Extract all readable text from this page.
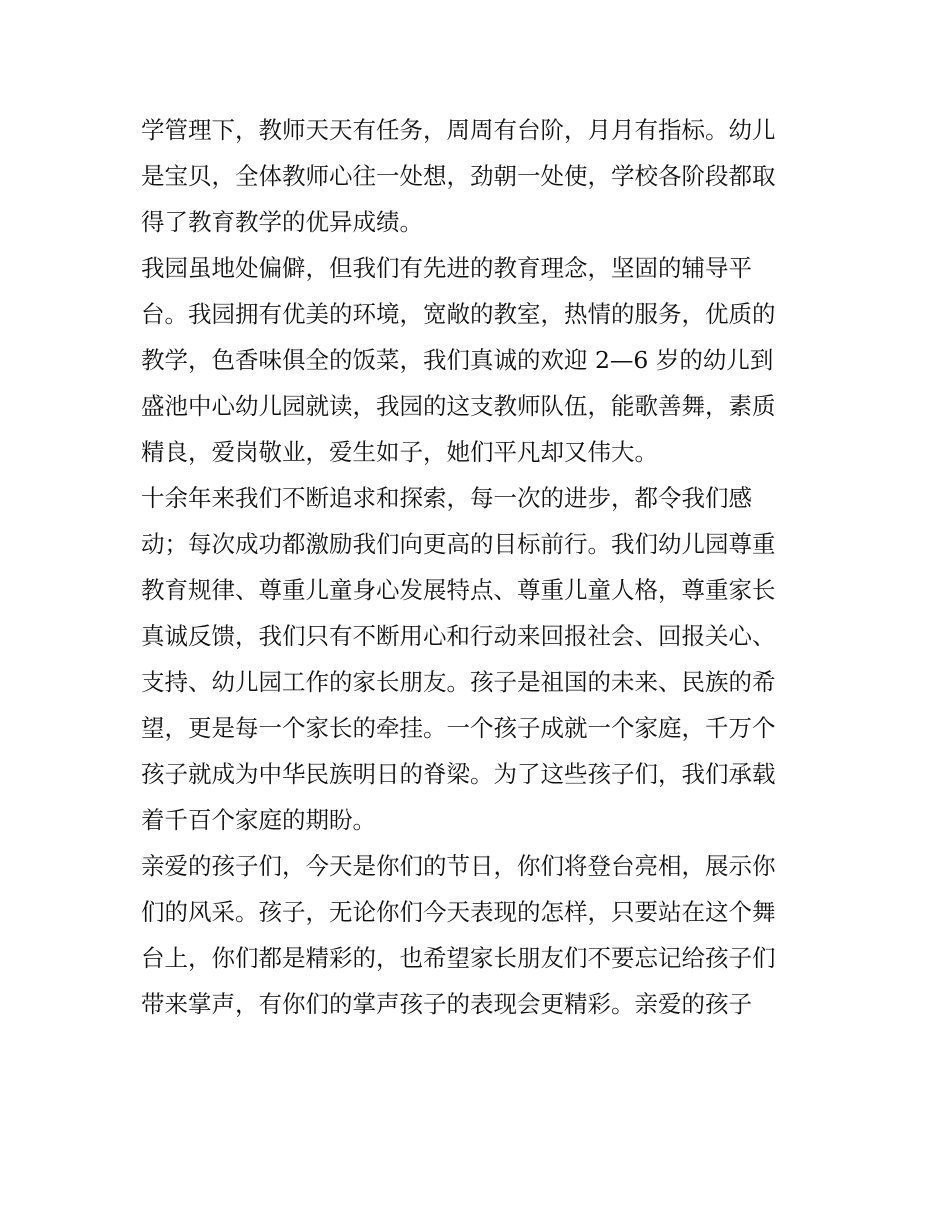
学管理下，教师天天有任务，周周有台阶，月月有指标。幼儿
是宝贝，全体教师心往一处想，劲朝一处使，学校各阶段都取
得了教育教学的优异成绩。
我园虽地处偏僻，但我们有先进的教育理念，坚固的辅导平
台。我园拥有优美的环境，宽敞的教室，热情的服务，优质的
教学，色香味俱全的饭菜，我们真诚的欢迎 2—6 岁的幼儿到
盛池中心幼儿园就读，我园的这支教师队伍，能歌善舞，素质
精良，爱岗敬业，爱生如子，她们平凡却又伟大。
十余年来我们不断追求和探索，每一次的进步，都令我们感
动；每次成功都激励我们向更高的目标前行。我们幼儿园尊重
教育规律、尊重儿童身心发展特点、尊重儿童人格，尊重家长
真诚反馈，我们只有不断用心和行动来回报社会、回报关心、
支持、幼儿园工作的家长朋友。孩子是祖国的未来、民族的希
望，更是每一个家长的牵挂。一个孩子成就一个家庭，千万个
孩子就成为中华民族明日的脊梁。为了这些孩子们，我们承载
着千百个家庭的期盼。
亲爱的孩子们，今天是你们的节日，你们将登台亮相，展示你
们的风采。孩子，无论你们今天表现的怎样，只要站在这个舞
台上，你们都是精彩的，也希望家长朋友们不要忘记给孩子们
带来掌声，有你们的掌声孩子的表现会更精彩。亲爱的孩子
